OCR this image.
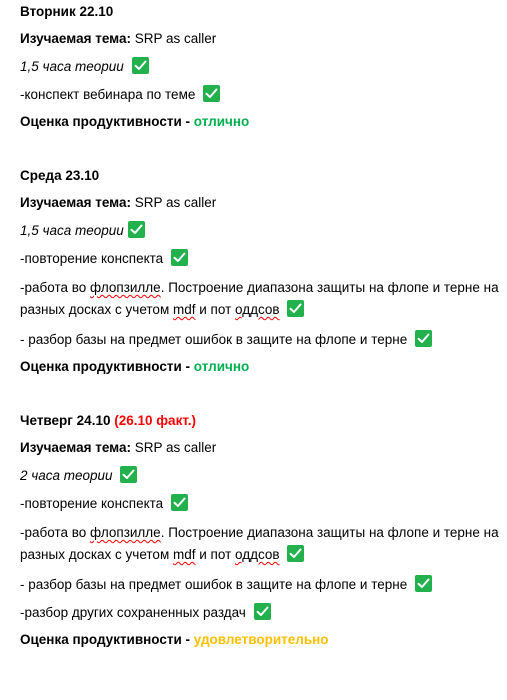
Вторник 22.10

Изучаемая тема: SRP as caller

1,5 часа теории

-конспект вебинара по теме

Оценка продуктивности - отлично

Среда 23.10

Изучаемая тема: SRP as caller

1,5 часа теории

-повторение конспекта

-работа во флопзилле. Построение диапазона защиты на флопе и терне на разных досках с учетом mdf и пот оддсов

- разбор базы на предмет ошибок в защите на флопе и терне

Оценка продуктивности - отлично

Четверг 24.10 (26.10 факт.)

Изучаемая тема: SRP as caller

2 часа теории

-повторение конспекта

-работа во флопзилле. Построение диапазона защиты на флопе и терне на разных досках с учетом mdf и пот оддсов

- разбор базы на предмет ошибок в защите на флопе и терне

-разбор других сохраненных раздач

Оценка продуктивности - удовлетворительно
